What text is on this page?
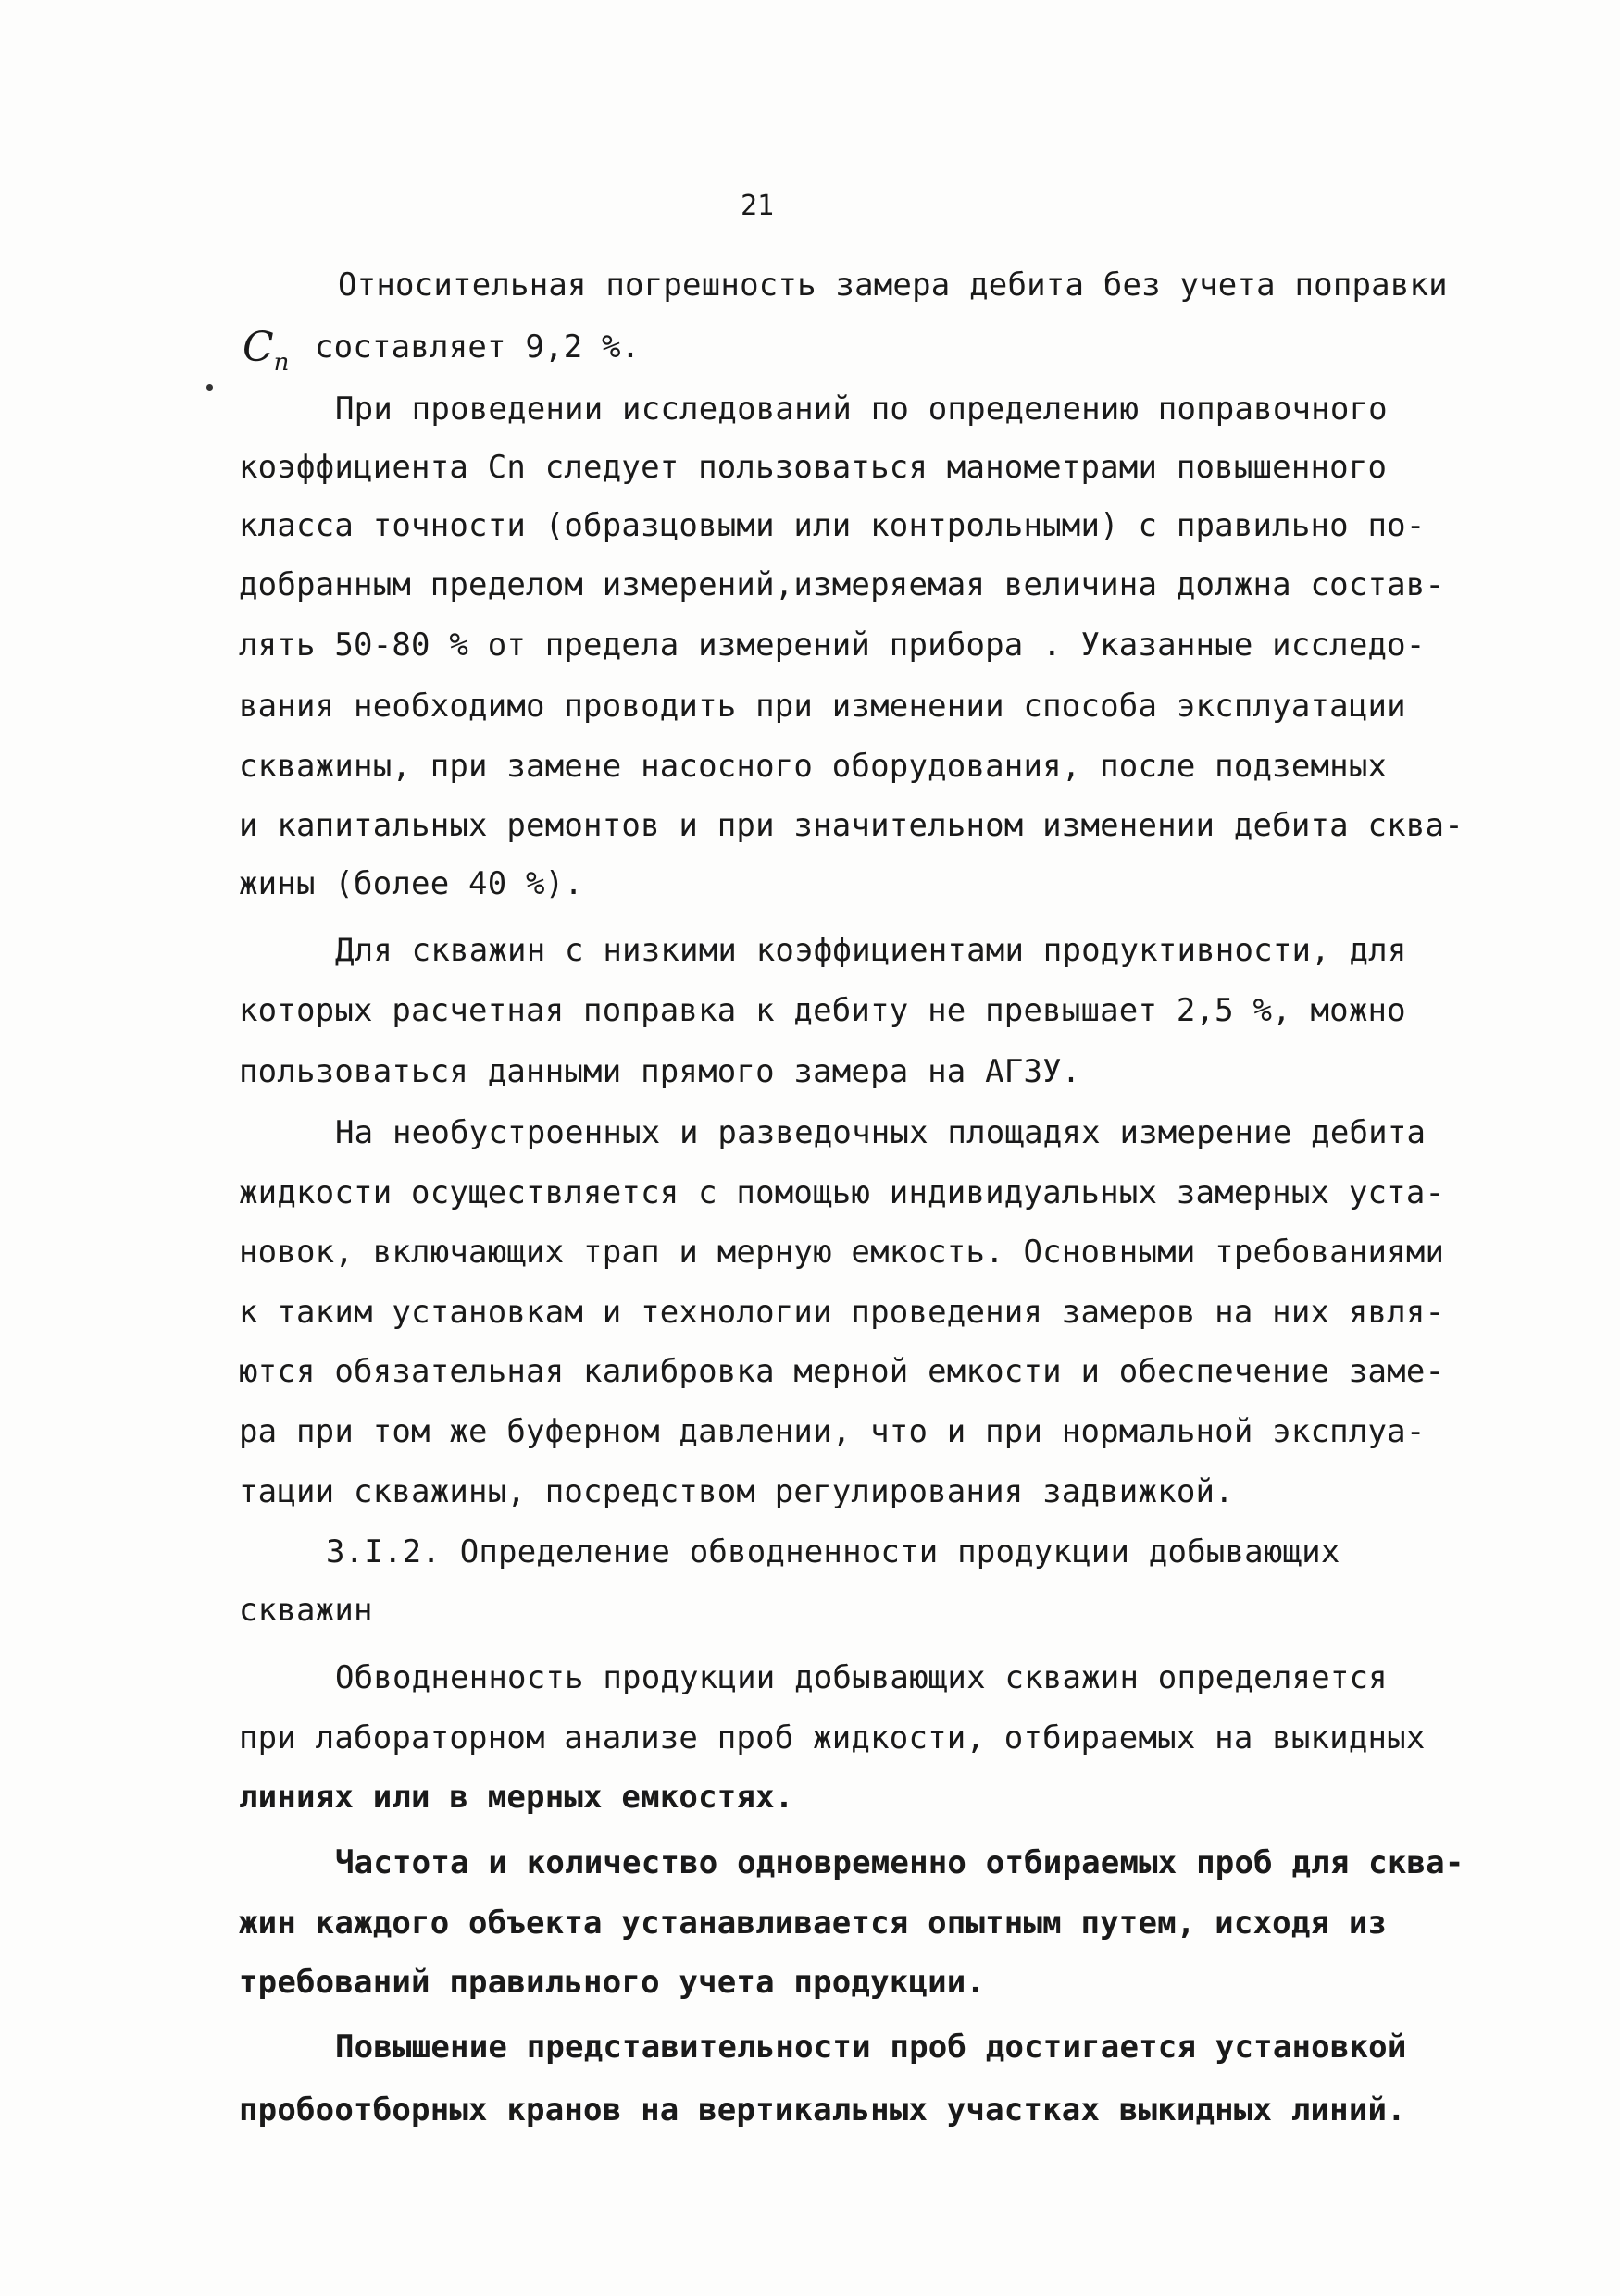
21
$C_n$
Относительная погрешность замера дебита без учета поправки
составляет 9,2 %.
При проведении исследований по определению поправочного
коэффициента Cn следует пользоваться манометрами повышенного
класса точности (образцовыми или контрольными) с правильно по-
добранным пределом измерений,измеряемая величина должна состав-
лять 50-80 % от предела измерений прибора . Указанные исследо-
вания необходимо проводить при изменении способа эксплуатации
скважины, при замене насосного оборудования, после подземных
и капитальных ремонтов и при значительном изменении дебита сква-
жины (более 40 %).
Для скважин с низкими коэффициентами продуктивности, для
которых расчетная поправка к дебиту не превышает 2,5 %, можно
пользоваться данными прямого замера на АГЗУ.
На необустроенных и разведочных площадях измерение дебита
жидкости осуществляется с помощью индивидуальных замерных уста-
новок, включающих трап и мерную емкость. Основными требованиями
к таким установкам и технологии проведения замеров на них явля-
ются обязательная калибровка мерной емкости и обеспечение заме-
ра при том же буферном давлении, что и при нормальной эксплуа-
тации скважины, посредством регулирования задвижкой.
3.I.2. Определение обводненности продукции добывающих
скважин
Обводненность продукции добывающих скважин определяется
при лабораторном анализе проб жидкости, отбираемых на выкидных
линиях или в мерных емкостях.
Частота и количество одновременно отбираемых проб для сква-
жин каждого объекта устанавливается опытным путем, исходя из
требований правильного учета продукции.
Повышение представительности проб достигается установкой
пробоотборных кранов на вертикальных участках выкидных линий.
